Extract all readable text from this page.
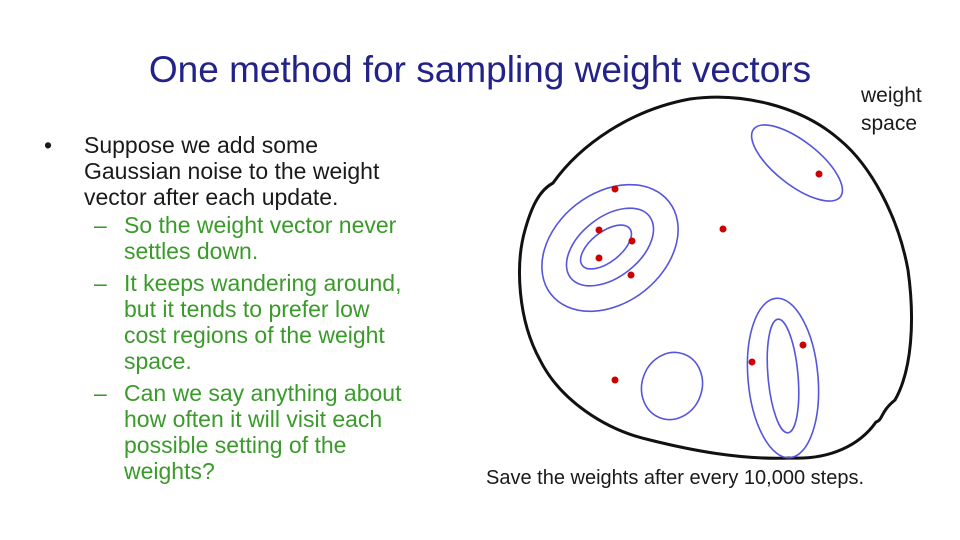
One method for sampling weight vectors
• Suppose we add some
Gaussian noise to the weight
vector after each update.
– So the weight vector never
settles down.
– It keeps wandering around,
but it tends to prefer low
cost regions of the weight
space.
– Can we say anything about
how often it will visit each
possible setting of the
weights?
weight
space
Save the weights after every 10,000 steps.
